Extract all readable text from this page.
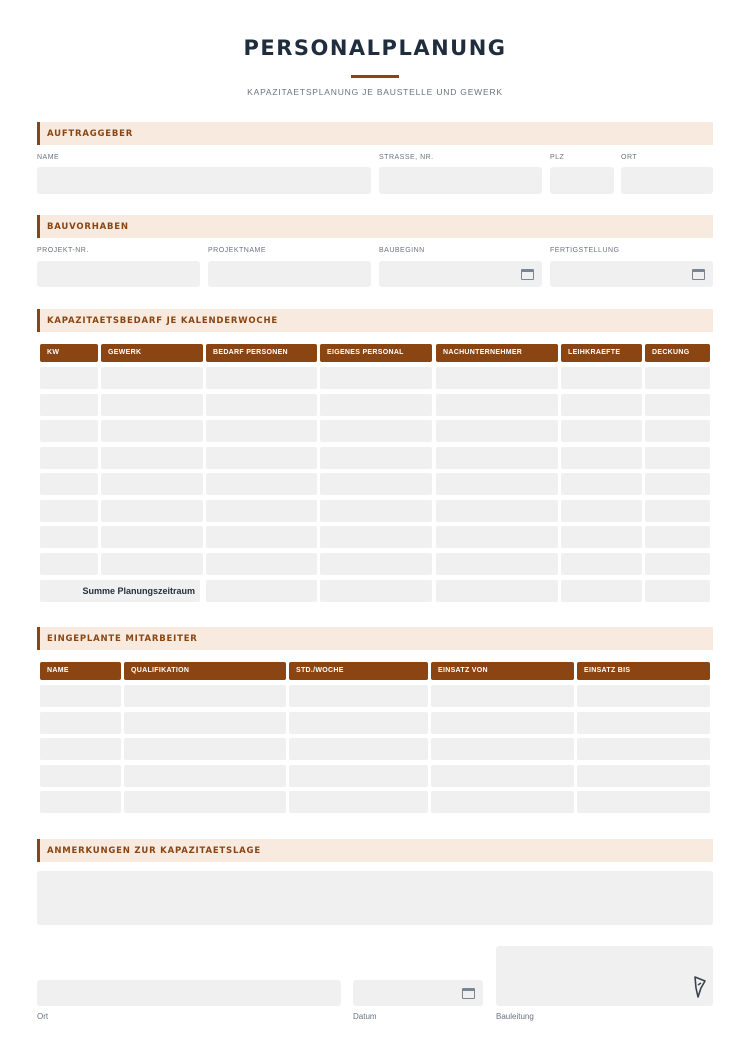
PERSONALPLANUNG
KAPAZITAETSPLANUNG JE BAUSTELLE UND GEWERK
AUFTRAGGEBER
NAME	STRASSE, NR.	PLZ	ORT
BAUVORHABEN
PROJEKT-NR.	PROJEKTNAME	BAUBEGINN	FERTIGSTELLUNG
KAPAZITAETSBEDARF JE KALENDERWOCHE
KW	GEWERK	BEDARF PERSONEN	EIGENES PERSONAL	NACHUNTERNEHMER	LEIHKRAEFTE	DECKUNG
Summe Planungszeitraum
EINGEPLANTE MITARBEITER
NAME	QUALIFIKATION	STD./WOCHE	EINSATZ VON	EINSATZ BIS
ANMERKUNGEN ZUR KAPAZITAETSLAGE
Ort	Datum	Bauleitung
